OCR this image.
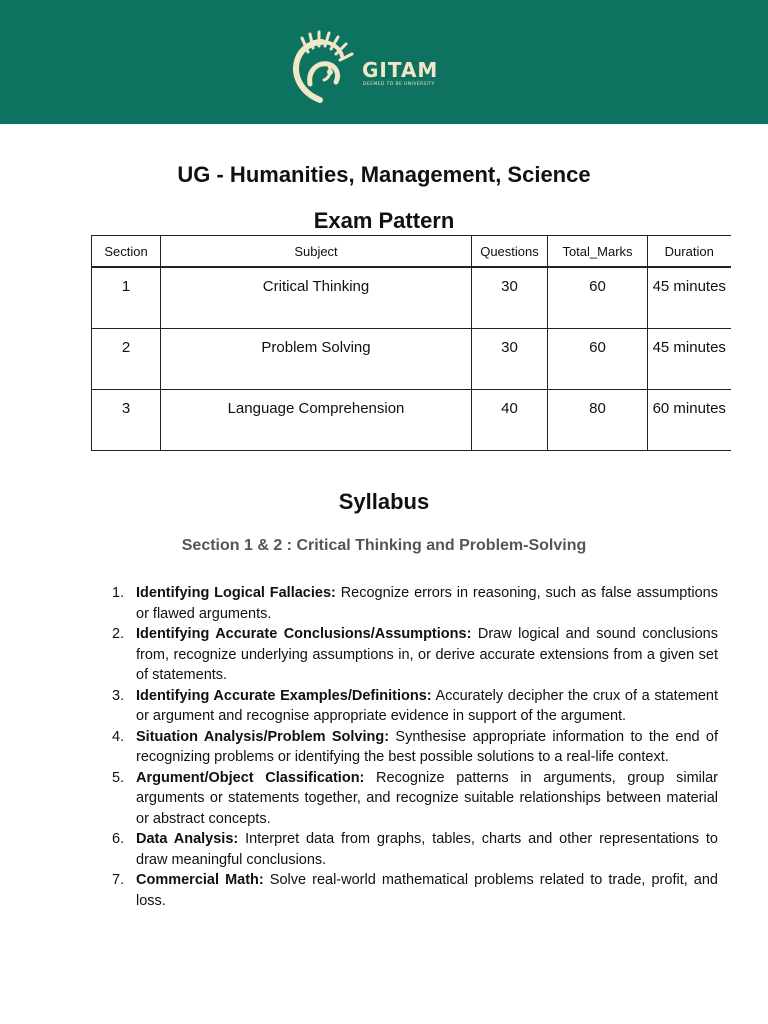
GITAM
DEEMED TO BE UNIVERSITY
UG - Humanities, Management, Science
Exam Pattern
Section	Subject	Questions	Total_Marks	Duration
1	Critical Thinking	30	60	45 minutes
2	Problem Solving	30	60	45 minutes
3	Language Comprehension	40	80	60 minutes
Syllabus
Section 1 & 2 : Critical Thinking and Problem-Solving
1. Identifying Logical Fallacies: Recognize errors in reasoning, such as false assumptions or flawed arguments.
2. Identifying Accurate Conclusions/Assumptions: Draw logical and sound conclusions from, recognize underlying assumptions in, or derive accurate extensions from a given set of statements.
3. Identifying Accurate Examples/Definitions: Accurately decipher the crux of a statement or argument and recognise appropriate evidence in support of the argument.
4. Situation Analysis/Problem Solving: Synthesise appropriate information to the end of recognizing problems or identifying the best possible solutions to a real-life context.
5. Argument/Object Classification: Recognize patterns in arguments, group similar arguments or statements together, and recognize suitable relationships between material or abstract concepts.
6. Data Analysis: Interpret data from graphs, tables, charts and other representations to draw meaningful conclusions.
7. Commercial Math: Solve real-world mathematical problems related to trade, profit, and loss.
